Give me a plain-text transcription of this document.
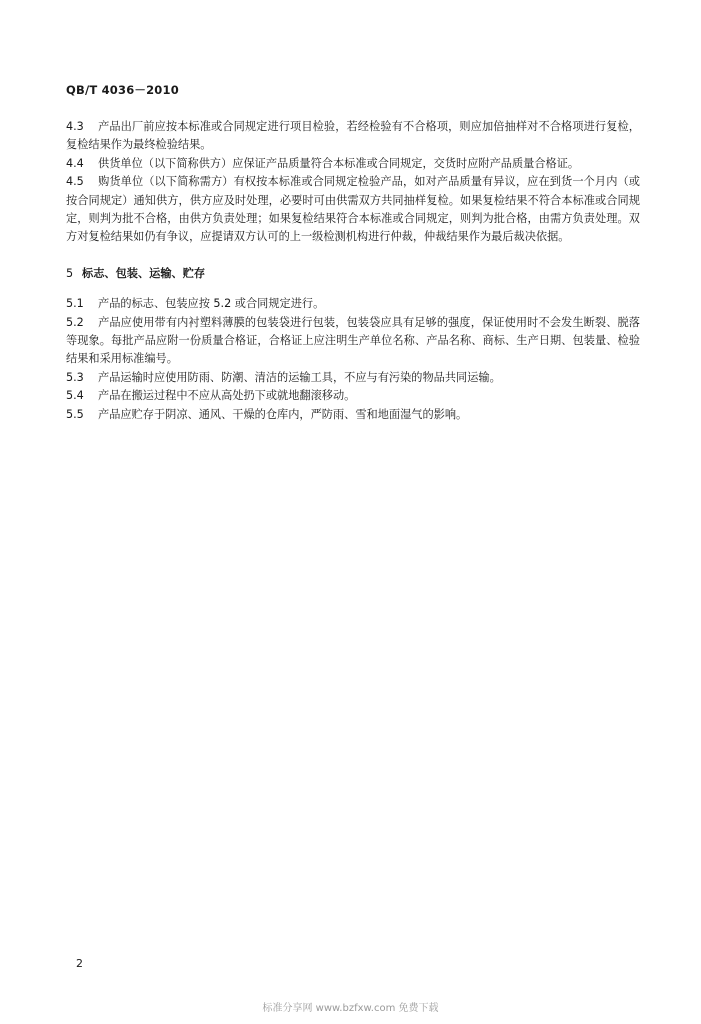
QB/T 4036－2010

4.3 产品出厂前应按本标准或合同规定进行项目检验，若经检验有不合格项，则应加倍抽样对不合格项进行复检，复检结果作为最终检验结果。

4.4 供货单位（以下简称供方）应保证产品质量符合本标准或合同规定，交货时应附产品质量合格证。

4.5 购货单位（以下简称需方）有权按本标准或合同规定检验产品，如对产品质量有异议，应在到货一个月内（或按合同规定）通知供方，供方应及时处理，必要时可由供需双方共同抽样复检。如果复检结果不符合本标准或合同规定，则判为批不合格，由供方负责处理；如果复检结果符合本标准或合同规定，则判为批合格，由需方负责处理。双方对复检结果如仍有争议，应提请双方认可的上一级检测机构进行仲裁，仲裁结果作为最后裁决依据。

5 标志、包装、运输、贮存

5.1 产品的标志、包装应按 5.2 或合同规定进行。

5.2 产品应使用带有内衬塑料薄膜的包装袋进行包装，包装袋应具有足够的强度，保证使用时不会发生断裂、脱落等现象。每批产品应附一份质量合格证，合格证上应注明生产单位名称、产品名称、商标、生产日期、包装量、检验结果和采用标准编号。

5.3 产品运输时应使用防雨、防潮、清洁的运输工具，不应与有污染的物品共同运输。

5.4 产品在搬运过程中不应从高处扔下或就地翻滚移动。

5.5 产品应贮存于阴凉、通风、干燥的仓库内，严防雨、雪和地面湿气的影响。

2
标准分享网 www.bzfxw.com 免费下载
